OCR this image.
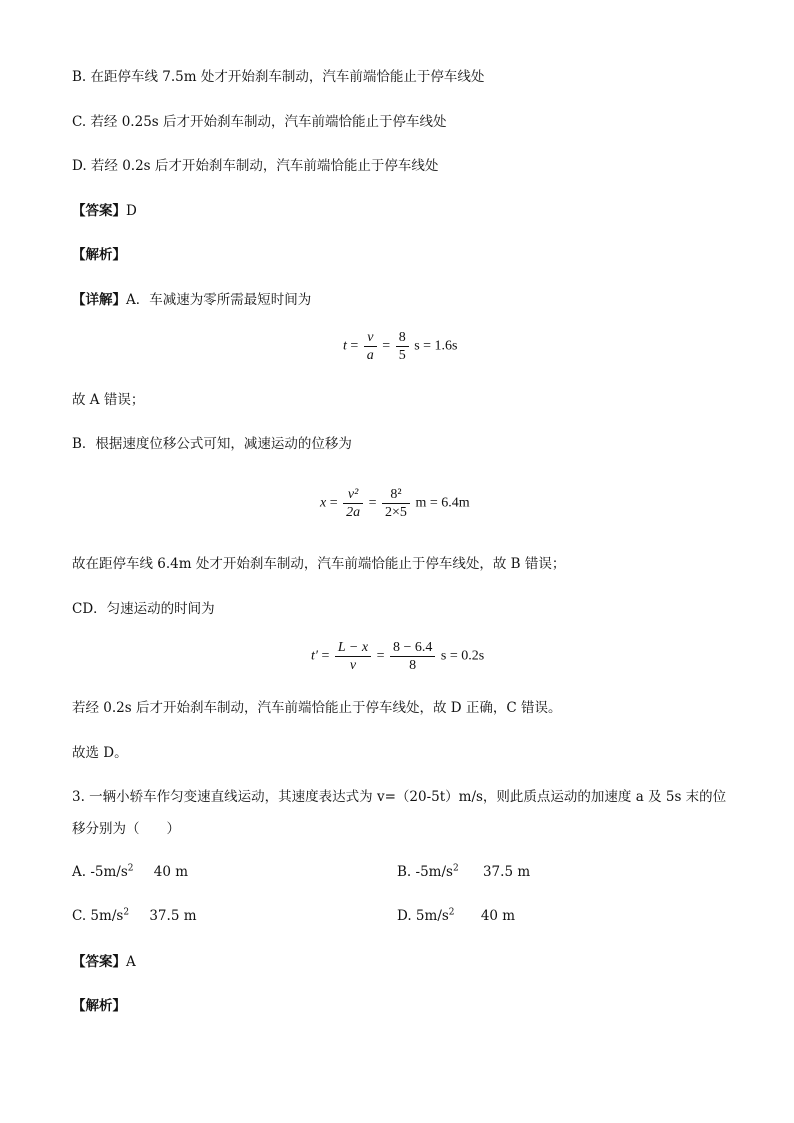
B. 在距停车线 7.5m 处才开始刹车制动，汽车前端恰能止于停车线处
C. 若经 0.25s 后才开始刹车制动，汽车前端恰能止于停车线处
D. 若经 0.2s 后才开始刹车制动，汽车前端恰能止于停车线处
【答案】D
【解析】
【详解】A．车减速为零所需最短时间为
$t = \frac{v}{a} = \frac{8}{5}$ s = 1.6s
故 A 错误；
B．根据速度位移公式可知，减速运动的位移为
$x = \frac{\text{v²}}{2a} = \frac{\text{8²}}{2\times 5}$ m = 6.4m
故在距停车线 6.4m 处才开始刹车制动，汽车前端恰能止于停车线处，故 B 错误；
CD．匀速运动的时间为
$t' = \frac{L - x}{v} = \frac{8 - 6.4}{8}$ s = 0.2s
若经 0.2s 后才开始刹车制动，汽车前端恰能止于停车线处，故 D 正确，C 错误。
故选 D。
3. 一辆小轿车作匀变速直线运动，其速度表达式为 v=（20-5t）m/s，则此质点运动的加速度 a 及 5s 末的位
移分别为（　　）
A. $-5m/s^2$ 40 m	B. $-5m/s^2$ 37.5 m
C. $5m/s^2$ 37.5 m	D. $5m/s^2$ 40 m
【答案】A
【解析】
